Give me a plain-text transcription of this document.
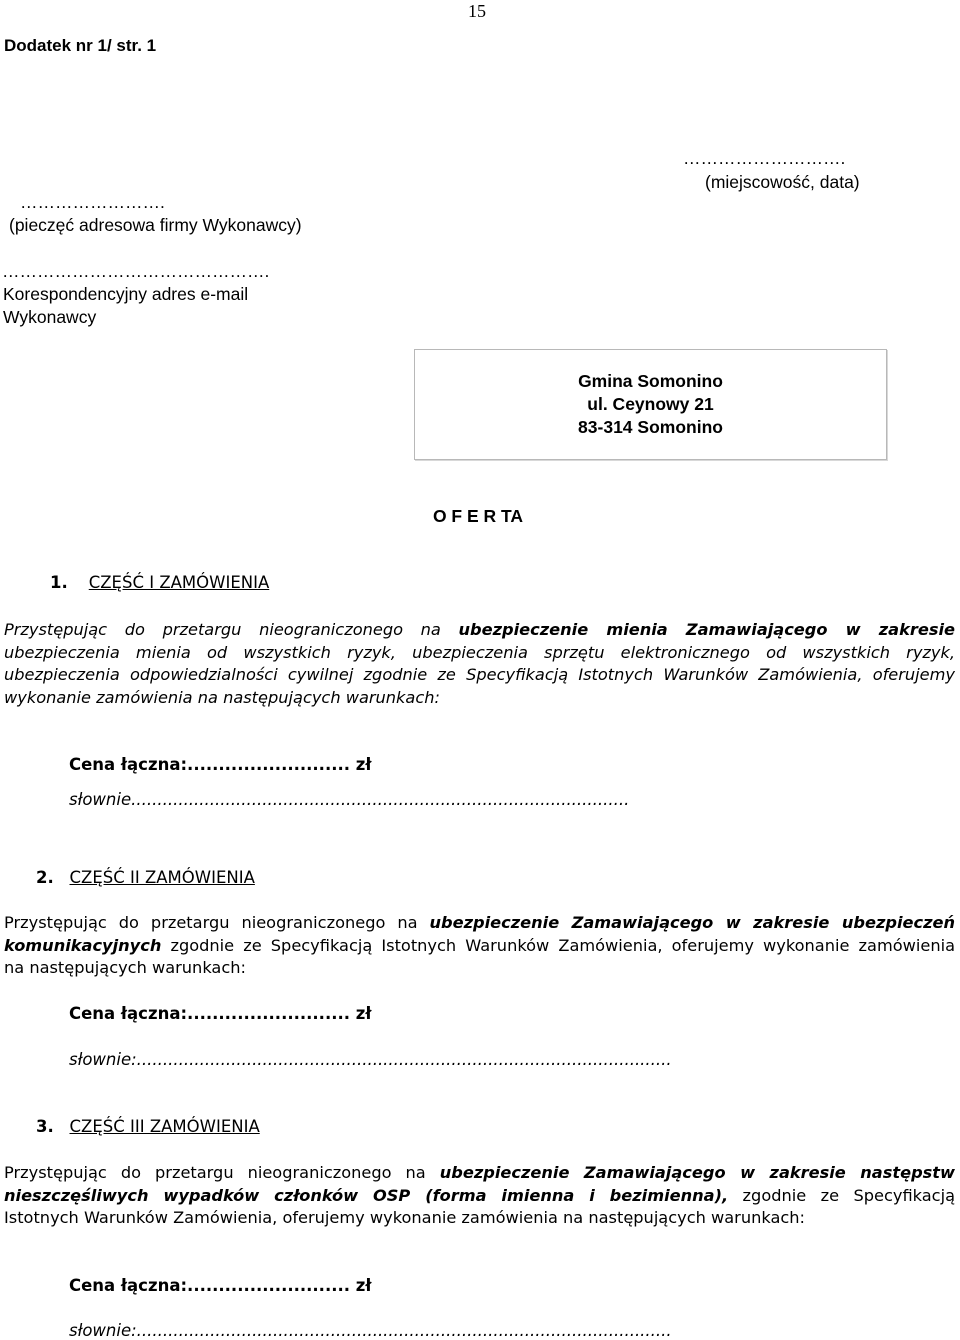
15
Dodatek nr 1/ str. 1
……………………….
(miejscowość, data)
…………………….
(pieczęć adresowa firmy Wykonawcy)
……………………………………….
Korespondencyjny adres e-mail
Wykonawcy
Gmina Somonino
ul. Ceynowy 21
83-314 Somonino
O F E R TA
1. CZĘŚĆ I ZAMÓWIENIA
Przystępując do przetargu nieograniczonego na ubezpieczenie mienia Zamawiającego w zakresie
ubezpieczenia mienia od wszystkich ryzyk, ubezpieczenia sprzętu elektronicznego od wszystkich ryzyk,
ubezpieczenia odpowiedzialności cywilnej zgodnie ze Specyfikacją Istotnych Warunków Zamówienia, oferujemy
wykonanie zamówienia na następujących warunkach:
Cena łączna:.......................... zł
słownie...............................................................................................
2. CZĘŚĆ II ZAMÓWIENIA
Przystępując do przetargu nieograniczonego na ubezpieczenie Zamawiającego w zakresie ubezpieczeń
komunikacyjnych zgodnie ze Specyfikacją Istotnych Warunków Zamówienia, oferujemy wykonanie zamówienia
na następujących warunkach:
Cena łączna:.......................... zł
słownie:......................................................................................................
3. CZĘŚĆ III ZAMÓWIENIA
Przystępując do przetargu nieograniczonego na ubezpieczenie Zamawiającego w zakresie następstw
nieszczęśliwych wypadków członków OSP (forma imienna i bezimienna), zgodnie ze Specyfikacją
Istotnych Warunków Zamówienia, oferujemy wykonanie zamówienia na następujących warunkach:
Cena łączna:.......................... zł
słownie:......................................................................................................
